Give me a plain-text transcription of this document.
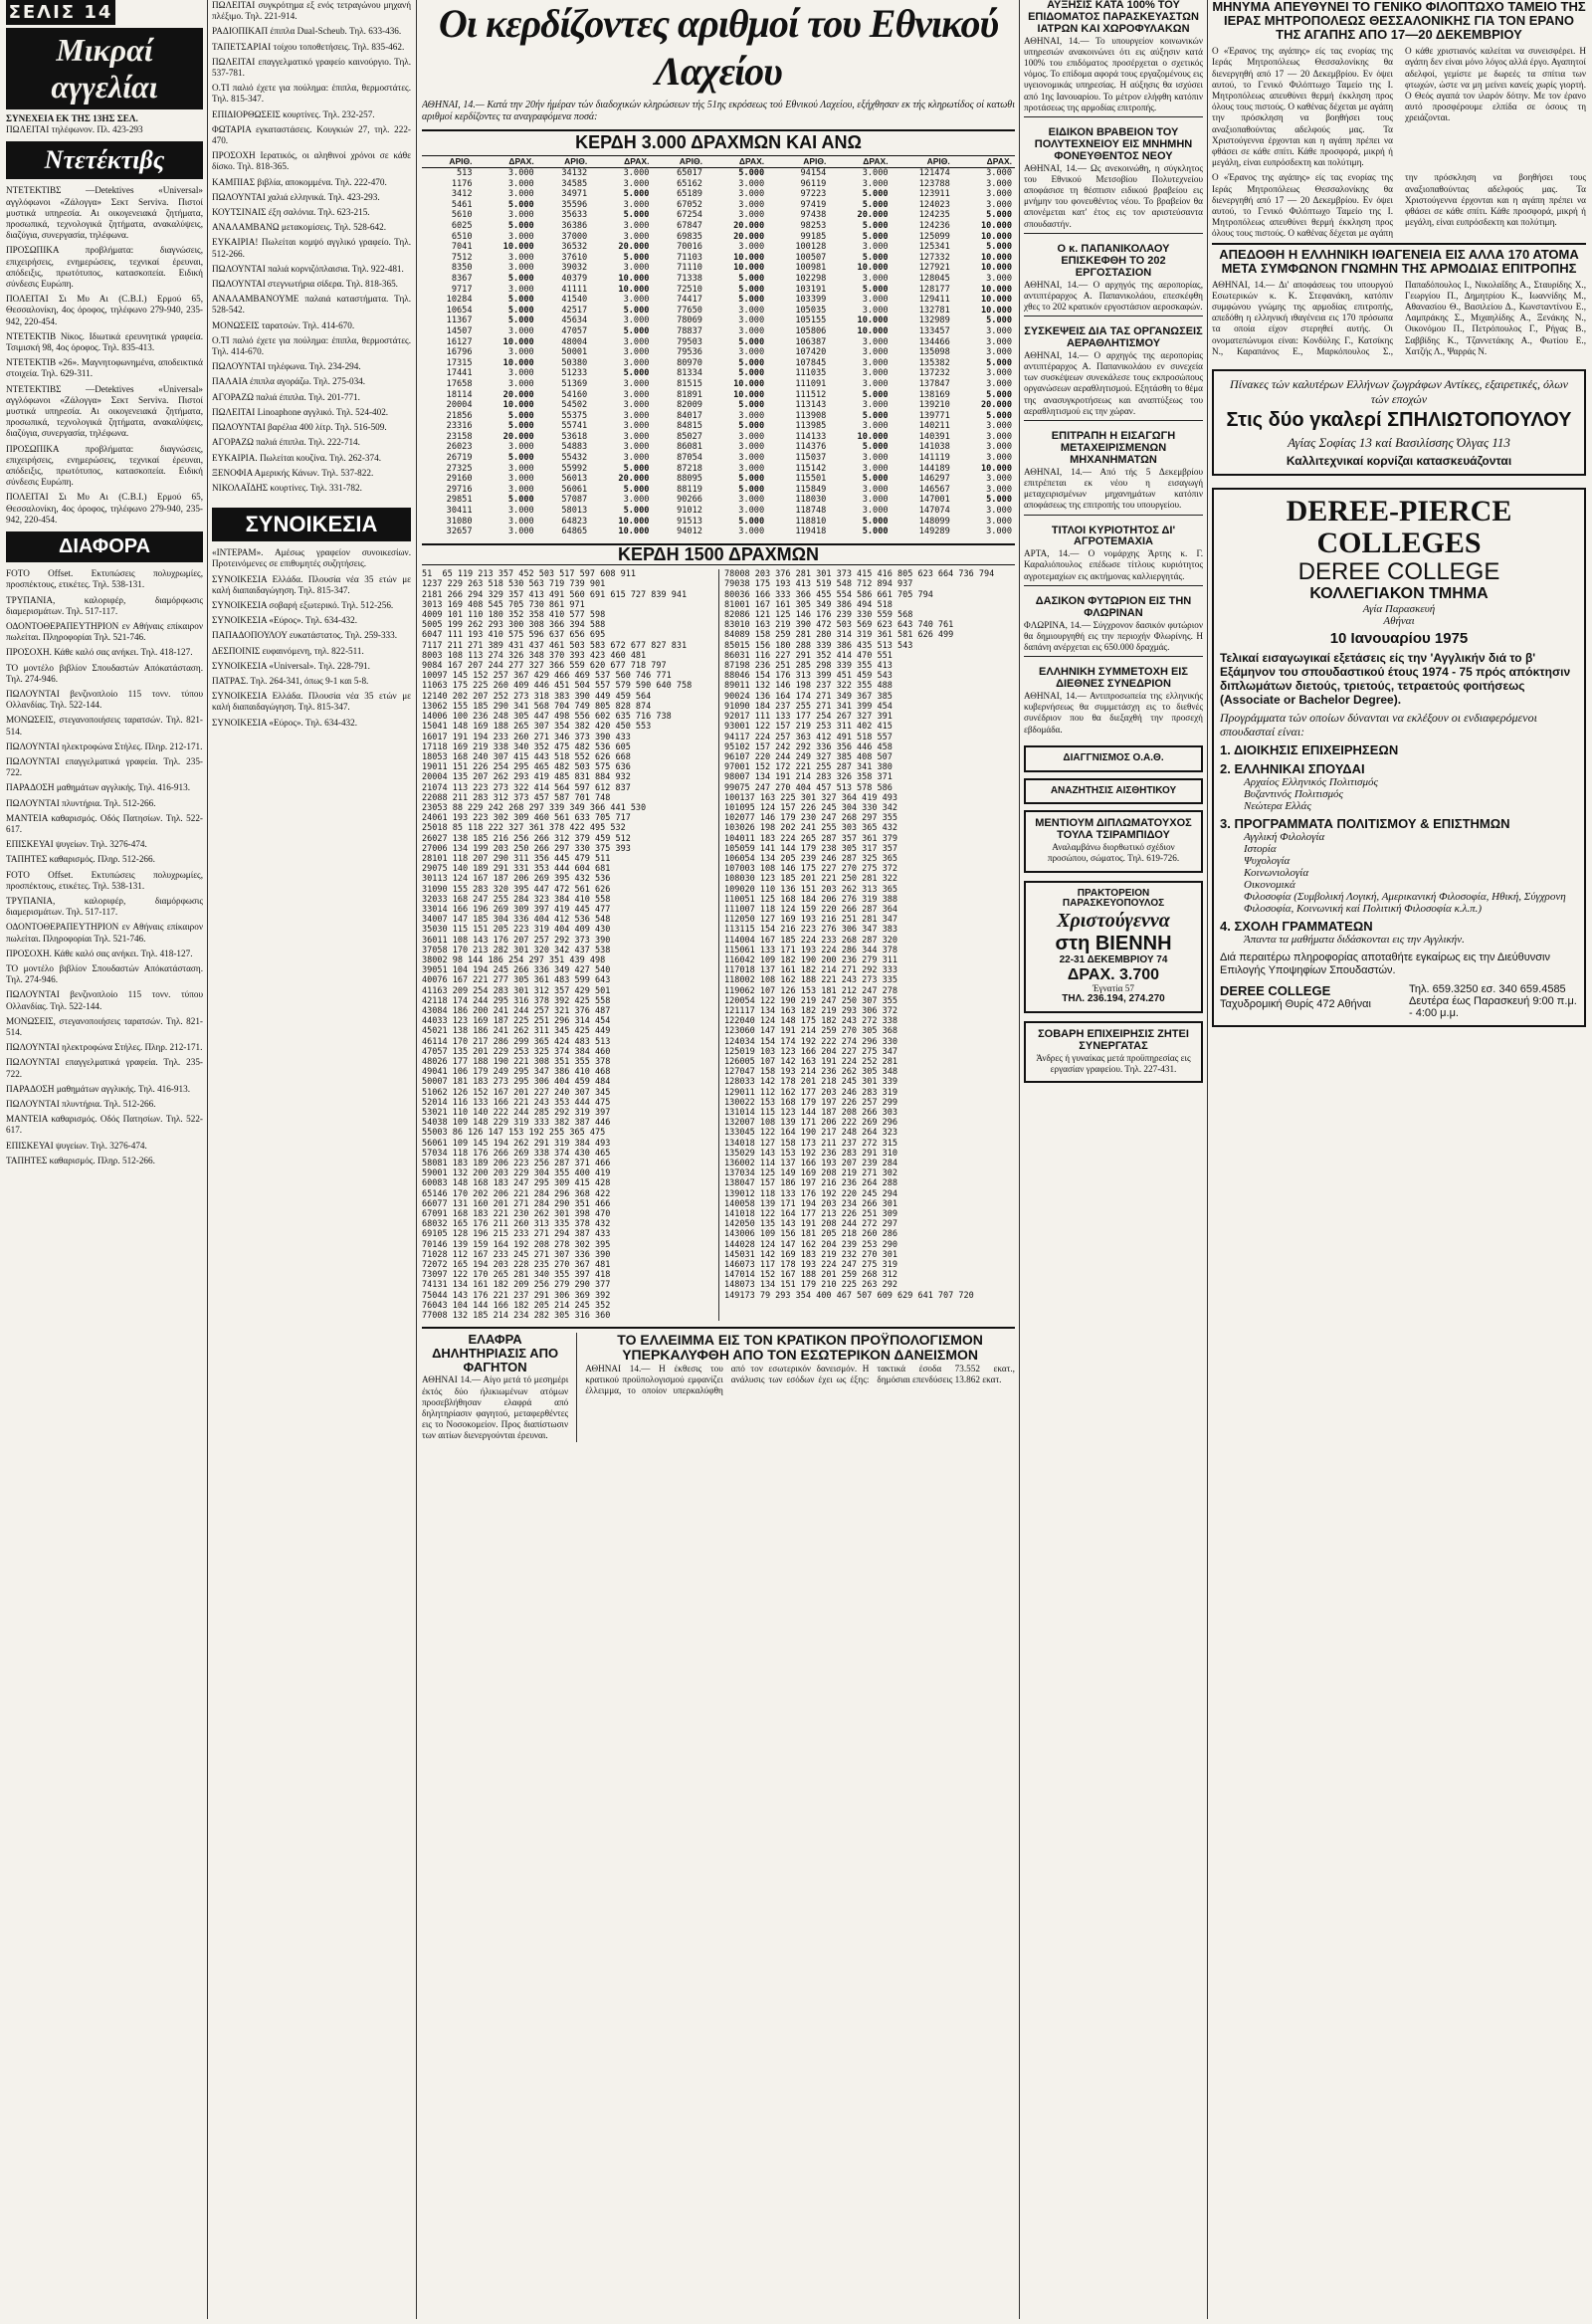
ΣΕΛΙΣ 14
Μικραί αγγελίαι
ΣΥΝΕΧΕΙΑ ΕΚ ΤΗΣ 13ΗΣ ΣΕΛ.
ΠΩΛΕΙΤΑΙ τηλέφωνον. Πλ. 423-293
Ντετέκτιβς

ΝΤΕΤΕΚΤΙΒΣ —Detektives «Universal» αγγλόφωνοι «Ζάλογγα» Σεκτ Serviva. Πιστοί μυστικά υπηρεσία. Αι οικογενειακά ζητήματα, προσωπικά, τεχνολογικά ζητήματα, ανακαλύψεις, διαζύγια, συνεργασία, τηλέφωνα.

ΠΡΟΣΩΠΙΚΑ προβλήματα: διαγνώσεις, επιχειρήσεις, ενημερώσεις, τεχνικαί έρευναι, απόδειξις, πρωτότυπος, κατασκοπεία. Ειδική σύνδεσις Ευρώπη.

ΠΟΛΕΙΤΑΙ Σι Μυ Αι (C.B.I.) Ερμού 65, Θεσσαλονίκη, 4ος όροφος, τηλέφωνο 279-940, 235-942, 220-454.

ΝΤΕΤΕΚΤΙΒ Νίκος. Ιδιωτικά ερευνητικά γραφεία. Τσιμισκή 98, 4ος όροφος. Τηλ. 835-413.

ΝΤΕΤΕΚΤΙΒ «26». Μαγνητοφωνημένα, αποδεικτικά στοιχεία. Τηλ. 629-311.

ΝΤΕΤΕΚΤΙΒΣ —Detektives «Universal» αγγλόφωνοι «Ζάλογγα» Σεκτ Serviva. Πιστοί μυστικά υπηρεσία. Αι οικογενειακά ζητήματα, προσωπικά, τεχνολογικά ζητήματα, ανακαλύψεις, διαζύγια, συνεργασία, τηλέφωνα.

ΠΡΟΣΩΠΙΚΑ προβλήματα: διαγνώσεις, επιχειρήσεις, ενημερώσεις, τεχνικαί έρευναι, απόδειξις, πρωτότυπος, κατασκοπεία. Ειδική σύνδεσις Ευρώπη.

ΠΟΛΕΙΤΑΙ Σι Μυ Αι (C.B.I.) Ερμού 65, Θεσσαλονίκη, 4ος όροφος, τηλέφωνο 279-940, 235-942, 220-454.

ΔΙΑΦΟΡΑ

FOTO Offset. Εκτυπώσεις πολυχρωμίες, προσπέκτους, ετικέτες. Τηλ. 538-131.

ΤΡΥΠΑΝΙΑ, καλοριφέρ, διαμόρφωσις διαμερισμάτων. Τηλ. 517-117.

ΟΔΟΝΤΟΘΕΡΑΠΕΥΤΗΡΙΟΝ εν Αθήναις επίκαιρον πωλείται. Πληροφορίαι Τηλ. 521-746.

ΠΡΟΣΟΧΗ. Κάθε καλό σας ανήκει. Τηλ. 418-127.

ΤΟ μοντέλο βιβλίον Σπουδαστών Απόκατάσταση. Τηλ. 274-946.

ΠΩΛΟΥΝΤΑΙ βενζινοπλοίο 115 τονν. τύπου Ολλανδίας. Τηλ. 522-144.

ΜΟΝΩΣΕΙΣ, στεγανοποιήσεις ταρατσών. Τηλ. 821-514.

ΠΩΛΟΥΝΤΑΙ ηλεκτροφώνα Στήλες. Πληρ. 212-171.

ΠΩΛΟΥΝΤΑΙ επαγγελματικά γραφεία. Τηλ. 235-722.

ΠΑΡΑΔΟΣΗ μαθημάτων αγγλικής. Τηλ. 416-913.

ΠΩΛΟΥΝΤΑΙ πλυντήρια. Τηλ. 512-266.

ΜΑΝΤΕΙΑ καθαρισμός. Οδός Πατησίων. Τηλ. 522-617.

ΕΠΙΣΚΕΥΑΙ ψυγείων. Τηλ. 3276-474.

ΤΑΠΗΤΕΣ καθαρισμός. Πληρ. 512-266.

FOTO Offset. Εκτυπώσεις πολυχρωμίες, προσπέκτους, ετικέτες. Τηλ. 538-131.

ΤΡΥΠΑΝΙΑ, καλοριφέρ, διαμόρφωσις διαμερισμάτων. Τηλ. 517-117.

ΟΔΟΝΤΟΘΕΡΑΠΕΥΤΗΡΙΟΝ εν Αθήναις επίκαιρον πωλείται. Πληροφορίαι Τηλ. 521-746.

ΠΡΟΣΟΧΗ. Κάθε καλό σας ανήκει. Τηλ. 418-127.

ΤΟ μοντέλο βιβλίον Σπουδαστών Απόκατάσταση. Τηλ. 274-946.

ΠΩΛΟΥΝΤΑΙ βενζινοπλοίο 115 τονν. τύπου Ολλανδίας. Τηλ. 522-144.

ΜΟΝΩΣΕΙΣ, στεγανοποιήσεις ταρατσών. Τηλ. 821-514.

ΠΩΛΟΥΝΤΑΙ ηλεκτροφώνα Στήλες. Πληρ. 212-171.

ΠΩΛΟΥΝΤΑΙ επαγγελματικά γραφεία. Τηλ. 235-722.

ΠΑΡΑΔΟΣΗ μαθημάτων αγγλικής. Τηλ. 416-913.

ΠΩΛΟΥΝΤΑΙ πλυντήρια. Τηλ. 512-266.

ΜΑΝΤΕΙΑ καθαρισμός. Οδός Πατησίων. Τηλ. 522-617.

ΕΠΙΣΚΕΥΑΙ ψυγείων. Τηλ. 3276-474.

ΤΑΠΗΤΕΣ καθαρισμός. Πληρ. 512-266.

ΠΩΛΕΙΤΑΙ συγκρότημα εξ ενός τετραγώνου μηχανή πλέξιμο. Τηλ. 221-914.

ΡΑΔΙΟΠΙΚΑΠ έπιπλα Dual-Scheub. Τηλ. 633-436.

ΤΑΠΕΤΣΑΡΙΑΙ τοίχου τοποθετήσεις. Τηλ. 835-462.

ΠΩΛΕΙΤΑΙ επαγγελματικό γραφείο καινούργιο. Τηλ. 537-781.

Ο.ΤΙ παλιό έχετε για πούλημα: έπιπλα, θερμοστάτες. Τηλ. 815-347.

ΕΠΙΔΙΟΡΘΩΣΕΙΣ κουρτίνες. Τηλ. 232-257.

ΦΩΤΑΡΙΑ εγκαταστάσεις. Κουγκιών 27, τηλ. 222-470.

ΠΡΟΣΟΧΗ Ιερατικός, οι αληθινοί χρόνοι σε κάθε δίσκο. Τηλ. 818-365.

ΚΑΜΠΙΑΣ βιβλία, αποκομμένα. Τηλ. 222-470.

ΠΩΛΟΥΝΤΑΙ χαλιά ελληνικά. Τηλ. 423-293.

ΚΟΥΤΣΙΝΑΙΣ έξη σαλόνια. Τηλ. 623-215.

ΑΝΑΛΑΜΒΑΝΩ μετακομίσεις. Τηλ. 528-642.

ΕΥΚΑΙΡΙΑ! Πωλείται κομψό αγγλικό γραφείο. Τηλ. 512-266.

ΠΩΛΟΥΝΤΑΙ παλιά κορνιζόπλαισια. Τηλ. 922-481.

ΠΩΛΟΥΝΤΑΙ στεγνωτήρια σίδερα. Τηλ. 818-365.

ΑΝΑΛΑΜΒΑΝΟΥΜΕ παλαιά καταστήματα. Τηλ. 528-542.

ΜΟΝΩΣΕΙΣ ταρατσών. Τηλ. 414-670.

Ο.ΤΙ παλιό έχετε για πούλημα: έπιπλα, θερμοστάτες. Τηλ. 414-670.

ΠΩΛΟΥΝΤΑΙ τηλέφωνα. Τηλ. 234-294.

ΠΑΛΑΙΑ έπιπλα αγοράζω. Τηλ. 275-034.

ΑΓΟΡΑΖΩ παλιά έπιπλα. Τηλ. 201-771.

ΠΩΛΕΙΤΑΙ Linoaphone αγγλικό. Τηλ. 524-402.

ΠΩΛΟΥΝΤΑΙ βαρέλια 400 λίτρ. Τηλ. 516-509.

ΑΓΟΡΑΖΩ παλιά έπιπλα. Τηλ. 222-714.

ΕΥΚΑΙΡΙΑ. Πωλείται κουζίνα. Τηλ. 262-374.

ΞΕΝΟΦΙΑ Αμερικής Κάνων. Τηλ. 537-822.

ΝΙΚΟΛΑΪΔΗΣ κουρτίνες. Τηλ. 331-782.

ΣΥΝΟΙΚΕΣΙΑ

«ΙΝΤΕΡΑΜ». Αμέσως γραφείον συνοικεσίων. Προτεινόμενες σε επιθυμητές συζητήσεις.

ΣΥΝΟΙΚΕΣΙΑ Ελλάδα. Πλουσία νέα 35 ετών με καλή διαπαιδαγώγηση. Τηλ. 815-347.

ΣΥΝΟΙΚΕΣΙΑ σοβαρή εξωτερικό. Τηλ. 512-256.

ΣΥΝΟΙΚΕΣΙΑ «Εύρος». Τηλ. 634-432.

ΠΑΠΑΔΟΠΟΥΛΟΥ ευκατάστατος. Τηλ. 259-333.

ΔΕΣΠΟΙΝΙΣ ευφαινόμενη, τηλ. 822-511.

ΣΥΝΟΙΚΕΣΙΑ «Universal». Τηλ. 228-791.

ΠΑΤΡΑΣ. Τηλ. 264-341, όπως 9-1 και 5-8.

ΣΥΝΟΙΚΕΣΙΑ Ελλάδα. Πλουσία νέα 35 ετών με καλή διαπαιδαγώγηση. Τηλ. 815-347.

ΣΥΝΟΙΚΕΣΙΑ «Εύρος». Τηλ. 634-432.

Οι κερδίζοντες αριθμοί του Εθνικού Λαχείου
ΑΘΗΝΑΙ, 14.— Κατά την 20ήν ήμέραν τών διαδοχικών κληρώσεων τής 51ης εκρόσεως τού Εθνικού Λαχείου, εξήχθησαν εκ τής κληρωτίδος οί κατωθι αριθμοί κερδίζοντες τα αναγραφόμενα ποσά:
ΚΕΡΔΗ 3.000 ΔΡΑΧΜΩΝ ΚΑΙ ΑΝΩ
ΑΡΙΘ.	ΔΡΑΧ.	ΑΡΙΘ.	ΔΡΑΧ.	ΑΡΙΘ.	ΔΡΑΧ.	ΑΡΙΘ.	ΔΡΑΧ.	ΑΡΙΘ.	ΔΡΑΧ.
513	3.000	34132	3.000	65017	5.000	94154	3.000	121474	3.000
1176	3.000	34585	3.000	65162	3.000	96119	3.000	123788	3.000
3412	3.000	34971	5.000	65189	3.000	97223	5.000	123911	3.000
5461	5.000	35596	3.000	67052	3.000	97419	5.000	124023	3.000
5610	3.000	35633	5.000	67254	3.000	97438	20.000	124235	5.000
6025	5.000	36386	3.000	67847	20.000	98253	5.000	124236	10.000
6510	3.000	37000	3.000	69835	20.000	99185	5.000	125099	10.000
7041	10.000	36532	20.000	70016	3.000	100128	3.000	125341	5.000
7512	3.000	37610	5.000	71103	10.000	100507	5.000	127332	10.000
8350	3.000	39032	3.000	71110	10.000	100981	10.000	127921	10.000
8367	5.000	40379	10.000	71338	5.000	102298	3.000	128045	3.000
9717	3.000	41111	10.000	72510	5.000	103191	5.000	128177	10.000
10284	5.000	41540	3.000	74417	5.000	103399	3.000	129411	10.000
10654	5.000	42517	5.000	77650	3.000	105035	3.000	132781	10.000
11367	5.000	45634	3.000	78069	3.000	105155	10.000	132989	5.000
14507	3.000	47057	5.000	78837	3.000	105806	10.000	133457	3.000
16127	10.000	48004	3.000	79503	5.000	106387	3.000	134466	3.000
16796	3.000	50001	3.000	79536	3.000	107420	3.000	135098	3.000
17315	10.000	50380	3.000	80970	5.000	107845	3.000	135382	5.000
17441	3.000	51233	5.000	81334	5.000	111035	3.000	137232	3.000
17658	3.000	51369	3.000	81515	10.000	111091	3.000	137847	3.000
18114	20.000	54160	3.000	81891	10.000	111512	5.000	138169	5.000
20004	10.000	54502	3.000	82009	5.000	113143	3.000	139210	20.000
21856	5.000	55375	3.000	84017	3.000	113908	5.000	139771	5.000
23316	5.000	55741	3.000	84815	5.000	113985	3.000	140211	3.000
23158	20.000	53618	3.000	85027	3.000	114133	10.000	140391	3.000
26023	3.000	54883	3.000	86081	3.000	114376	5.000	141038	3.000
26719	5.000	55432	3.000	87054	3.000	115037	3.000	141119	3.000
27325	3.000	55992	5.000	87218	3.000	115142	3.000	144189	10.000
29160	3.000	56013	20.000	88095	5.000	115501	5.000	146297	3.000
29716	3.000	56061	5.000	88119	5.000	115849	3.000	146567	3.000
29851	5.000	57087	3.000	90266	3.000	118030	3.000	147001	5.000
30411	3.000	58013	5.000	91012	3.000	118748	3.000	147074	3.000
31080	3.000	64823	10.000	91513	5.000	118810	5.000	148099	3.000
32657	3.000	64865	10.000	94012	3.000	119418	5.000	149289	3.000
ΚΕΡΔΗ 1500 ΔΡΑΧΜΩΝ
51  65 119 213 357 452 503 517 597 608 911
1237 229 263 518 530 563 719 739 901
2181 266 294 329 357 413 491 560 691 615 727 839 941
3013 169 408 545 705 730 861 971
4009 101 110 180 352 358 410 577 598
5005 199 262 293 300 308 366 394 588
6047 111 193 410 575 596 637 656 695
7117 211 271 389 431 437 461 503 583 672 677 827 831
8003 108 113 274 326 348 370 393 423 460 481
9084 167 207 244 277 327 366 559 620 677 718 797
10097 145 152 257 367 429 466 469 537 560 746 771
11063 175 225 260 409 446 451 504 557 579 590 640 758
12140 202 207 252 273 318 383 390 449 459 564
13062 155 185 290 341 568 704 749 805 828 874
14006 100 236 248 305 447 498 556 602 635 716 738
15041 148 169 188 265 307 354 382 420 450 553
16017 191 194 233 260 271 346 373 390 433
17118 169 219 338 340 352 475 482 536 605
18053 168 240 307 415 443 518 552 626 668
19011 151 226 254 295 465 482 503 575 636
20004 135 207 262 293 419 485 831 884 932
21074 113 223 273 322 414 564 597 612 837
22088 211 283 312 373 457 587 701 748
23053 88 229 242 268 297 339 349 366 441 530
24061 193 223 302 309 460 561 633 705 717
25018 85 118 222 327 361 378 422 495 532
26027 138 185 216 256 266 312 379 459 512
27006 134 199 203 250 266 297 330 375 393
28101 118 207 290 311 356 445 479 511
29075 140 189 291 331 353 444 604 681
30113 124 167 187 206 269 395 432 536
31090 155 283 320 395 447 472 561 626
32033 168 247 255 284 323 384 410 558
33014 166 196 269 309 397 419 445 477
34007 147 185 304 336 404 412 536 548
35030 115 151 205 223 319 404 409 430
36011 108 143 176 207 257 292 373 390
37058 170 213 282 301 320 342 437 538
38002 98 144 186 254 297 351 439 498
39051 104 194 245 266 336 349 427 540
40076 167 221 277 305 361 483 599 643
41163 209 254 283 301 312 357 429 501
42118 174 244 295 316 378 392 425 558
43084 186 200 241 244 257 321 376 487
44033 123 169 187 225 251 296 314 454
45021 138 186 241 262 311 345 425 449
46114 170 217 286 299 365 424 483 513
47057 135 201 229 253 325 374 384 460
48026 177 188 190 221 308 351 355 378
49041 106 179 249 295 347 386 410 468
50007 181 183 273 295 306 404 459 484
51062 126 152 167 201 227 240 307 345
52014 116 133 166 221 243 353 444 475
53021 110 140 222 244 285 292 319 397
54038 109 148 229 319 333 382 387 446
55003 86 126 147 153 192 255 365 475
56061 109 145 194 262 291 319 384 493
57034 118 176 266 269 338 374 430 465
58081 183 189 206 223 256 287 371 466
59001 132 200 203 229 304 355 400 419
60083 148 168 183 247 295 309 415 428
65146 170 202 206 221 284 296 368 422
66077 131 160 201 271 284 290 351 466
67091 168 183 221 230 262 301 398 470
68032 165 176 211 260 313 335 378 432
69105 128 196 215 233 271 294 387 433
70146 139 159 164 192 208 278 302 395
71028 112 167 233 245 271 307 336 390
72072 165 194 203 228 235 270 367 481
73097 122 170 265 281 340 355 397 418
74131 134 161 182 209 256 279 290 377
75044 143 176 221 237 291 306 369 392
76043 104 144 166 182 205 214 245 352
77008 132 185 214 234 282 305 316 360
78008 203 376 281 301 373 415 416 805 623 664 736 794
79038 175 193 413 519 548 712 894 937
80036 166 333 366 455 554 586 661 705 794
81001 167 161 305 349 386 494 518
82086 121 125 146 176 239 330 559 568
83010 163 219 390 472 503 569 623 643 740 761
84089 158 259 281 280 314 319 361 581 626 499
85015 156 180 288 339 386 435 513 543
86031 116 227 291 352 414 470 551
87198 236 251 285 298 339 355 413
88046 154 176 313 399 451 459 543
89011 132 146 198 237 322 355 488
90024 136 164 174 271 349 367 385
91090 184 237 255 271 341 399 454
92017 111 133 177 254 267 327 391
93001 122 157 219 253 311 402 415
94117 224 257 363 412 491 518 557
95102 157 242 292 336 356 446 458
96107 220 244 249 327 385 408 507
97001 152 172 221 255 287 341 380
98007 134 191 214 283 326 358 371
99075 247 270 404 457 513 578 586
100137 163 225 301 327 364 419 493
101095 124 157 226 245 304 330 342
102077 146 179 230 247 268 297 355
103026 198 202 241 255 303 365 432
104011 183 224 265 287 357 361 379
105059 141 144 179 238 305 317 357
106054 134 205 239 246 287 325 365
107003 108 146 175 227 270 275 372
108030 123 185 201 221 250 281 322
109020 110 136 151 203 262 313 365
110051 125 168 184 206 276 319 388
111007 118 124 159 220 266 287 364
112050 127 169 193 216 251 281 347
113115 154 216 223 276 306 347 383
114004 167 185 224 233 268 287 320
115061 133 171 193 224 286 344 378
116042 109 182 190 200 236 279 311
117018 137 161 182 214 271 292 333
118002 108 162 188 221 243 273 335
119062 107 126 153 181 212 247 278
120054 122 190 219 247 250 307 355
121117 134 163 182 219 293 306 372
122040 124 148 175 182 243 272 338
123060 147 191 214 259 270 305 368
124034 154 174 192 222 274 296 330
125019 103 123 166 204 227 275 347
126005 107 142 163 191 224 252 281
127047 158 193 214 236 262 305 348
128033 142 178 201 218 245 301 339
129011 112 162 177 203 246 283 319
130022 153 168 179 197 226 257 299
131014 115 123 144 187 208 266 303
132007 108 139 171 206 222 269 296
133045 122 164 190 217 248 264 323
134018 127 158 173 211 237 272 315
135029 143 153 192 236 283 291 310
136002 114 137 166 193 207 239 284
137034 125 149 169 208 219 271 302
138047 157 186 197 216 236 264 288
139012 118 133 176 192 220 245 294
140058 139 171 194 203 234 266 301
141018 122 164 177 213 226 251 309
142050 135 143 191 208 244 272 297
143006 109 156 181 205 218 260 286
144028 124 147 162 204 239 253 290
145031 142 169 183 219 232 270 301
146073 117 178 193 224 247 275 319
147014 152 167 188 201 259 268 312
148073 134 151 179 210 225 263 292
149173 79 293 354 400 467 507 609 629 641 707 720
ΕΛΑΦΡΑ ΔΗΛΗΤΗΡΙΑΣΙΣ ΑΠΟ ΦΑΓΗΤΟΝ
ΑΘΗΝΑΙ 14.— Αίγο μετά τό μεσημέρι έκτός δύο ήλικιωμένων ατόμων προσεβλήθησαν ελαφρά από δηλητηρίασιν φαγητού, μεταφερθέντες εις το Νοσοκομείον. Προς διαπίστωσιν των αιτίων διενεργούνται έρευναι.
ΤΟ ΕΛΛΕΙΜΜΑ ΕΙΣ ΤΟΝ ΚΡΑΤΙΚΟΝ ΠΡΟΫΠΟΛΟΓΙΣΜΟΝ ΥΠΕΡΚΑΛΥΦΘΗ ΑΠΟ ΤΟΝ ΕΣΩΤΕΡΙΚΟΝ ΔΑΝΕΙΣΜΟΝ
ΑΘΗΝΑΙ 14.— Η έκθεσις του κρατικού προϋπολογισμού εμφανίζει έλλειμμα, το οποίον υπερκαλύφθη από τον εσωτερικόν δανεισμόν. Η ανάλυσις των εσόδων έχει ως έξης: τακτικά έσοδα 73.552 εκατ., δημόσιαι επενδύσεις 13.862 εκατ.
ΑΥΞΗΣΙΣ ΚΑΤΑ 100% ΤΟΥ ΕΠΙΔΟΜΑΤΟΣ ΠΑΡΑΣΚΕΥΑΣΤΩΝ ΙΑΤΡΩΝ ΚΑΙ ΧΩΡΟΦΥΛΑΚΩΝ
ΑΘΗΝΑΙ, 14.— Το υπουργείον κοινωνικών υπηρεσιών ανακοινώνει ότι εις αύξησιν κατά 100% του επιδόματος προσέρχεται ο σχετικός νόμος. Το επίδομα αφορά τους εργαζομένους εις υγειονομικάς υπηρεσίας. Η αύξησις θα ισχύσει από 1ης Ιανουαρίου. Το μέτρον ελήφθη κατόπιν προτάσεως της αρμοδίας επιτροπής.
ΕΙΔΙΚΟΝ ΒΡΑΒΕΙΟΝ ΤΟΥ ΠΟΛΥΤΕΧΝΕΙΟΥ ΕΙΣ ΜΝΗΜΗΝ ΦΟΝΕΥΘΕΝΤΟΣ ΝΕΟΥ
ΑΘΗΝΑΙ, 14.— Ως ανεκοινώθη, η σύγκλητος του Εθνικού Μετσοβίου Πολυτεχνείου αποφάσισε τη θέσπισιν ειδικού βραβείου εις μνήμην του φονευθέντος νέου. Το βραβείον θα απονέμεται κατ' έτος εις τον αριστεύσαντα σπουδαστήν.
Ο κ. ΠΑΠΑΝΙΚΟΛΑΟΥ ΕΠΙΣΚΕΦΘΗ ΤΟ 202 ΕΡΓΟΣΤΑΣΙΟΝ
ΑΘΗΝΑΙ, 14.— Ο αρχηγός της αεροπορίας, αντιπτέραρχος Α. Παπανικολάου, επεσκέφθη χθες το 202 κρατικόν εργοστάσιον αεροσκαφών.
ΣΥΣΚΕΨΕΙΣ ΔΙΑ ΤΑΣ ΟΡΓΑΝΩΣΕΙΣ ΑΕΡΑΘΛΗΤΙΣΜΟΥ
ΑΘΗΝΑΙ, 14.— Ο αρχηγός της αεροπορίας αντιπτέραρχος Α. Παπανικολάου εν συνεχεία των συσκέψεων συνεκάλεσε τους εκπροσώπους οργανώσεων αεραθλητισμού. Εξητάσθη το θέμα της ανασυγκροτήσεως και αναπτύξεως του αεραθλητισμού εις την χώραν.
ΕΠΙΤΡΑΠΗ Η ΕΙΣΑΓΩΓΗ ΜΕΤΑΧΕΙΡΙΣΜΕΝΩΝ ΜΗΧΑΝΗΜΑΤΩΝ
ΑΘΗΝΑΙ, 14.— Από τής 5 Δεκεμβρίου επιτρέπεται εκ νέου η εισαγωγή μεταχειρισμένων μηχανημάτων κατόπιν αποφάσεως της επιτροπής του υπουργείου.
ΤΙΤΛΟΙ ΚΥΡΙΟΤΗΤΟΣ ΔΙ' ΑΓΡΟΤΕΜΑΧΙΑ
ΑΡΤΑ, 14.— Ο νομάρχης Άρτης κ. Γ. Καραλιόπουλος επέδωσε τίτλους κυριότητος αγροτεμαχίων εις ακτήμονας καλλιεργητάς.
ΔΑΣΙΚΟΝ ΦΥΤΩΡΙΟΝ ΕΙΣ ΤΗΝ ΦΛΩΡΙΝΑΝ
ΦΛΩΡΙΝΑ, 14.— Σύγχρονον δασικόν φυτώριον θα δημιουργηθή εις την περιοχήν Φλωρίνης. Η δαπάνη ανέρχεται εις 650.000 δραχμάς.
ΕΛΛΗΝΙΚΗ ΣΥΜΜΕΤΟΧΗ ΕΙΣ ΔΙΕΘΝΕΣ ΣΥΝΕΔΡΙΟΝ
ΑΘΗΝΑΙ, 14.— Αντιπροσωπεία της ελληνικής κυβερνήσεως θα συμμετάσχη εις το διεθνές συνέδριον που θα διεξαχθή την προσεχή εβδομάδα.
ΔΙΑΓΓΝΙΣΜΟΣ Ο.Α.Θ.
ΑΝΑΖΗΤΗΣΙΣ ΑΙΣΘΗΤΙΚΟΥ
ΜΕΝΤΙΟΥΜ ΔΙΠΛΩΜΑΤΟΥΧΟΣ ΤΟΥΛΑ ΤΣΙΡΑΜΠΙΔΟΥ
Αναλαμβάνω διορθωτικό σχέδιον προσώπου, σώματος. Τηλ. 619-726.
ΠΡΑΚΤΟΡΕΙΟΝ ΠΑΡΑΣΚΕΥΟΠΟΥΛΟΣ
Χριστούγεννα
στη ΒΙΕΝΝΗ
22-31 ΔΕΚΕΜΒΡΙΟΥ 74
ΔΡΑΧ. 3.700
Έγνατία 57
ΤΗΛ. 236.194, 274.270
ΣΟΒΑΡΗ ΕΠΙΧΕΙΡΗΣΙΣ ΖΗΤΕΙ ΣΥΝΕΡΓΑΤΑΣ
Άνδρες ή γυναίκας μετά προϋπηρεσίας εις εργασίαν γραφείου. Τηλ. 227-431.
ΜΗΝΥΜΑ ΑΠΕΥΘΥΝΕΙ ΤΟ ΓΕΝΙΚΟ ΦΙΛΟΠΤΩΧΟ ΤΑΜΕΙΟ ΤΗΣ ΙΕΡΑΣ ΜΗΤΡΟΠΟΛΕΩΣ ΘΕΣΣΑΛΟΝΙΚΗΣ ΓΙΑ ΤΟΝ ΕΡΑΝΟ ΤΗΣ ΑΓΑΠΗΣ ΑΠΟ 17—20 ΔΕΚΕΜΒΡΙΟΥ
Ο «Έρανος της αγάπης» είς τας ενορίας της Ιεράς Μητροπόλεως Θεσσαλονίκης θα διενεργηθή από 17 — 20 Δεκεμβρίου. Εν όψει αυτού, το Γενικό Φιλόπτωχο Ταμείο της Ι. Μητροπόλεως απευθύνει θερμή έκκληση προς όλους τους πιστούς. Ο καθένας δέχεται με αγάπη την πρόσκληση να βοηθήσει τους αναξιοπαθούντας αδελφούς μας. Τα Χριστούγεννα έρχονται και η αγάπη πρέπει να φθάσει σε κάθε σπίτι. Κάθε προσφορά, μικρή ή μεγάλη, είναι ευπρόσδεκτη και πολύτιμη.
Ο κάθε χριστιανός καλείται να συνεισφέρει. Η αγάπη δεν είναι μόνο λόγος αλλά έργο. Αγαπητοί αδελφοί, γεμίστε με δωρεές τα σπίτια των φτωχών, ώστε να μη μείνει κανείς χωρίς γιορτή. Ο Θεός αγαπά τον ιλαρόν δότην. Με τον έρανο αυτό προσφέρουμε ελπίδα σε όσους τη χρειάζονται.
Ο «Έρανος της αγάπης» είς τας ενορίας της Ιεράς Μητροπόλεως Θεσσαλονίκης θα διενεργηθή από 17 — 20 Δεκεμβρίου. Εν όψει αυτού, το Γενικό Φιλόπτωχο Ταμείο της Ι. Μητροπόλεως απευθύνει θερμή έκκληση προς όλους τους πιστούς. Ο καθένας δέχεται με αγάπη την πρόσκληση να βοηθήσει τους αναξιοπαθούντας αδελφούς μας. Τα Χριστούγεννα έρχονται και η αγάπη πρέπει να φθάσει σε κάθε σπίτι. Κάθε προσφορά, μικρή ή μεγάλη, είναι ευπρόσδεκτη και πολύτιμη.
ΑΠΕΔΟΘΗ Η ΕΛΛΗΝΙΚΗ ΙΘΑΓΕΝΕΙΑ ΕΙΣ ΑΛΛΑ 170 ΑΤΟΜΑ ΜΕΤΑ ΣΥΜΦΩΝΟΝ ΓΝΩΜΗΝ ΤΗΣ ΑΡΜΟΔΙΑΣ ΕΠΙΤΡΟΠΗΣ
ΑΘΗΝΑΙ, 14.— Δι' αποφάσεως του υπουργού Εσωτερικών κ. Κ. Στεφανάκη, κατόπιν συμφώνου γνώμης της αρμοδίας επιτροπής, απεδόθη η ελληνική ιθαγένεια εις 170 πρόσωπα τα οποία είχον στερηθεί αυτής. Οι ονοματεπώνυμοι είναι: Κονδύλης Γ., Κατσίκης Ν., Καραπάνος Ε., Μαρκόπουλος Σ., Παπαδόπουλος Ι., Νικολαΐδης Α., Σταυρίδης Χ., Γεωργίου Π., Δημητρίου Κ., Ιωαννίδης Μ., Αθανασίου Θ., Βασιλείου Δ., Κωνσταντίνου Ε., Λαμπράκης Σ., Μιχαηλίδης Α., Ξενάκης Ν., Οικονόμου Π., Πετρόπουλος Γ., Ρήγας Β., Σαββίδης Κ., Τζαννετάκης Α., Φωτίου Ε., Χατζής Λ., Ψαρράς Ν.
Πίνακες τών καλυτέρων Ελλήνων ζωγράφων Αντίκες, εξαιρετικές, όλων τών εποχών
Στις δύο γκαλερί ΣΠΗΛΙΩΤΟΠΟΥΛΟΥ
Αγίας Σοφίας 13 καί Βασιλίσσης Όλγας 113
Καλλιτεχνικαί κορνίζαι κατασκευάζονται
DEREE-PIERCE COLLEGES
DEREE COLLEGE
ΚΟΛΛΕΓΙΑΚΟΝ ΤΜΗΜΑ
Αγία Παρασκευή
Αθήναι
10 Ιανουαρίου 1975
Τελικαί εισαγωγικαί εξετάσεις είς την 'Αγγλικήν διά το β' Εξάμηνον του σπουδαστικού έτους 1974 - 75 πρός απόκτησιν διπλωμάτων διετούς, τριετούς, τετραετούς φοιτήσεως (Associate or Bachelor Degree).
Προγράμματα τών οποίων δύνανται να εκλέξουν οι ενδιαφερόμενοι σπουδασταί είναι:
1. ΔΙΟΙΚΗΣΙΣ ΕΠΙΧΕΙΡΗΣΕΩΝ
2. ΕΛΛΗΝΙΚΑΙ ΣΠΟΥΔΑΙ
Αρχαίος Ελληνικός Πολιτισμός
Βυζαντινός Πολιτισμός
Νεώτερα Ελλάς
3. ΠΡΟΓΡΑΜΜΑΤΑ ΠΟΛΙΤΙΣΜΟΥ & ΕΠΙΣΤΗΜΩΝ
Αγγλική Φιλολογία
Ιστορία
Ψυχολογία
Κοινωνιολογία
Οικονομικά
Φιλοσοφία (Συμβολική Λογική, Αμερικανική Φιλοσοφία, Ηθική, Σύγχρονη Φιλοσοφία, Κοινωνική καί Πολιτική Φιλοσοφία κ.λ.π.)
4. ΣΧΟΛΗ ΓΡΑΜΜΑΤΕΩΝ
Άπαντα τα μαθήματα διδάσκονται εις την Αγγλικήν.
Διά περαιτέρω πληροφορίας αποταθήτε εγκαίρως εις την Διεύθυνσιν Επιλογής Υποψηφίων Σπουδαστών.
DEREE COLLEGE
Ταχυδρομική Θυρίς 472 Αθήναι
Τηλ. 659.3250 εσ. 340 659.4585
Δευτέρα έως Παρασκευή 9:00 π.μ. - 4:00 μ.μ.
